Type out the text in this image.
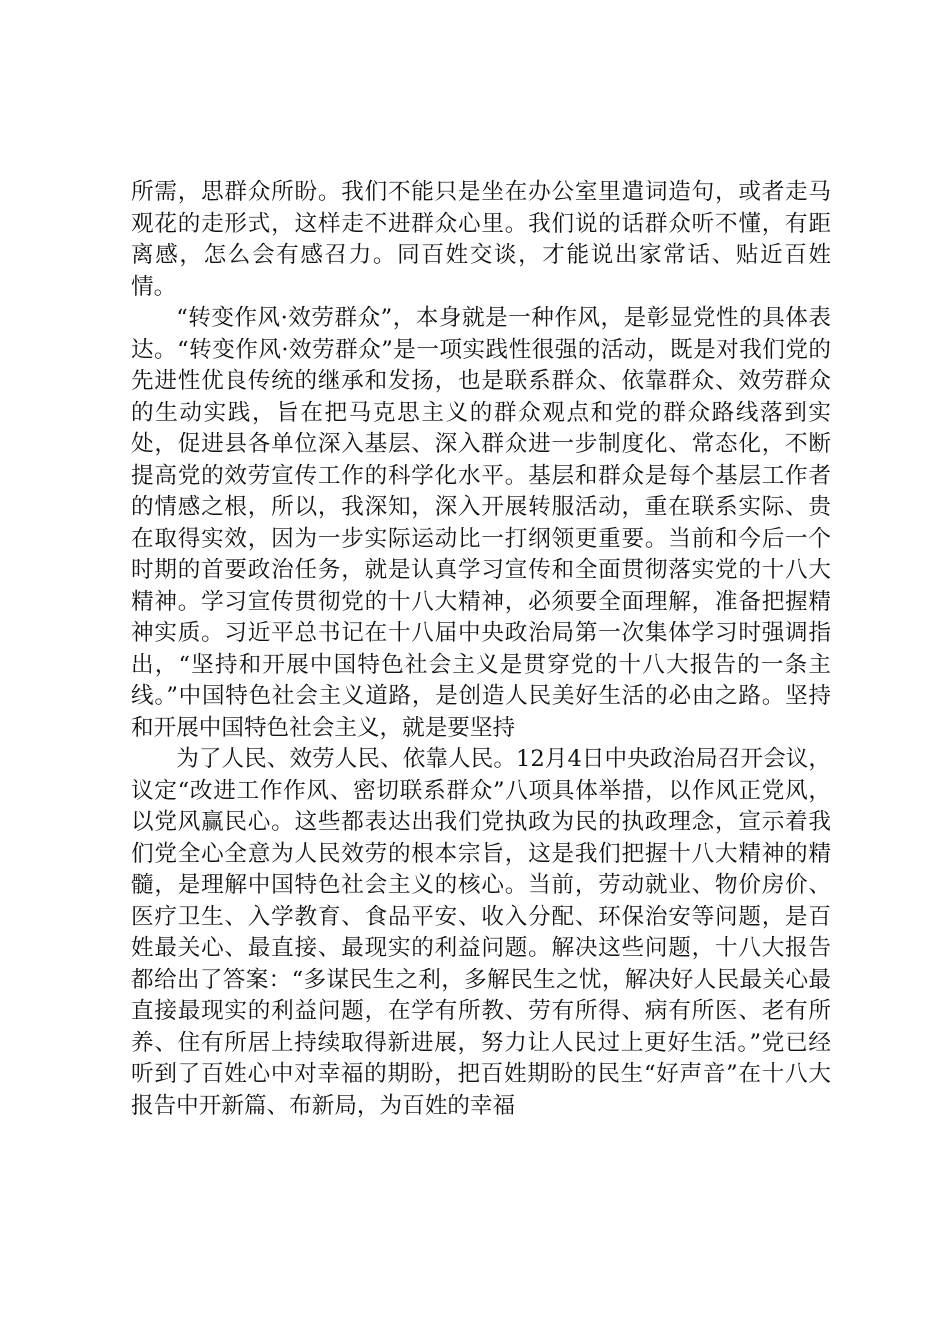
所需，思群众所盼。我们不能只是坐在办公室里遣词造句，或者走马观花的走形式，这样走不进群众心里。我们说的话群众听不懂，有距离感，怎么会有感召力。同百姓交谈，才能说出家常话、贴近百姓情。

“转变作风·效劳群众”，本身就是一种作风，是彰显党性的具体表达。“转变作风·效劳群众”是一项实践性很强的活动，既是对我们党的先进性优良传统的继承和发扬，也是联系群众、依靠群众、效劳群众的生动实践，旨在把马克思主义的群众观点和党的群众路线落到实处，促进县各单位深入基层、深入群众进一步制度化、常态化，不断提高党的效劳宣传工作的科学化水平。基层和群众是每个基层工作者的情感之根，所以，我深知，深入开展转服活动，重在联系实际、贵在取得实效，因为一步实际运动比一打纲领更重要。当前和今后一个时期的首要政治任务，就是认真学习宣传和全面贯彻落实党的十八大精神。学习宣传贯彻党的十八大精神，必须要全面理解，准备把握精神实质。习近平总书记在十八届中央政治局第一次集体学习时强调指出，“坚持和开展中国特色社会主义是贯穿党的十八大报告的一条主线。”中国特色社会主义道路，是创造人民美好生活的必由之路。坚持和开展中国特色社会主义，就是要坚持

为了人民、效劳人民、依靠人民。12月4日中央政治局召开会议，议定“改进工作作风、密切联系群众”八项具体举措，以作风正党风，以党风赢民心。这些都表达出我们党执政为民的执政理念，宣示着我们党全心全意为人民效劳的根本宗旨，这是我们把握十八大精神的精髓，是理解中国特色社会主义的核心。当前，劳动就业、物价房价、医疗卫生、入学教育、食品平安、收入分配、环保治安等问题，是百姓最关心、最直接、最现实的利益问题。解决这些问题，十八大报告都给出了答案：“多谋民生之利，多解民生之忧，解决好人民最关心最直接最现实的利益问题，在学有所教、劳有所得、病有所医、老有所养、住有所居上持续取得新进展，努力让人民过上更好生活。”党已经听到了百姓心中对幸福的期盼，把百姓期盼的民生“好声音”在十八大报告中开新篇、布新局，为百姓的幸福
